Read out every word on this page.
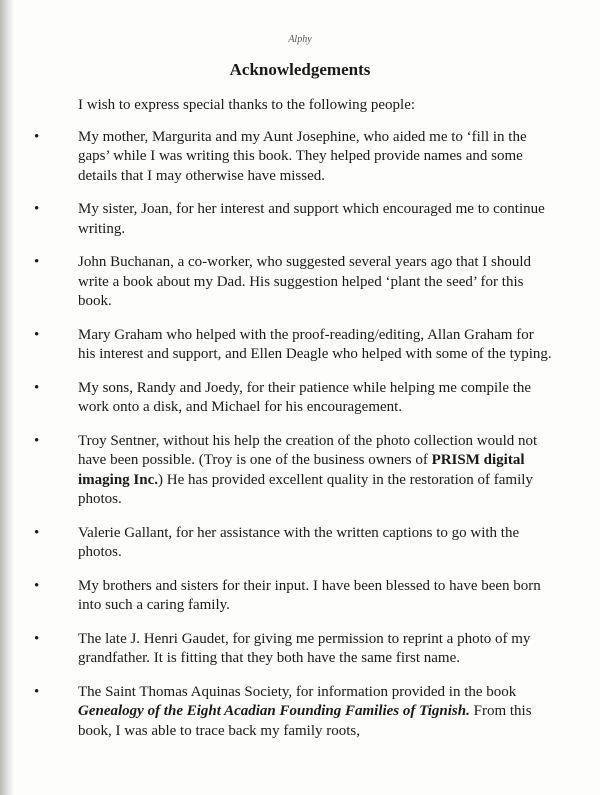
Alphy
Acknowledgements

I wish to express special thanks to the following people:

•	My mother, Margurita and my Aunt Josephine, who aided me to ‘fill in the gaps’ while I was writing this book. They helped provide names and some details that I may otherwise have missed.
•	My sister, Joan, for her interest and support which encouraged me to continue writing.
•	John Buchanan, a co-worker, who suggested several years ago that I should write a book about my Dad. His suggestion helped ‘plant the seed’ for this book.
•	Mary Graham who helped with the proof-reading/editing, Allan Graham for his interest and support, and Ellen Deagle who helped with some of the typing.
•	My sons, Randy and Joedy, for their patience while helping me compile the work onto a disk, and Michael for his encouragement.
•	Troy Sentner, without his help the creation of the photo collection would not have been possible. (Troy is one of the business owners of PRISM digital imaging Inc.) He has provided excellent quality in the restoration of family photos.
•	Valerie Gallant, for her assistance with the written captions to go with the photos.
•	My brothers and sisters for their input. I have been blessed to have been born into such a caring family.
•	The late J. Henri Gaudet, for giving me permission to reprint a photo of my grandfather. It is fitting that they both have the same first name.
•	The Saint Thomas Aquinas Society, for information provided in the book Genealogy of the Eight Acadian Founding Families of Tignish. From this book, I was able to trace back my family roots,
